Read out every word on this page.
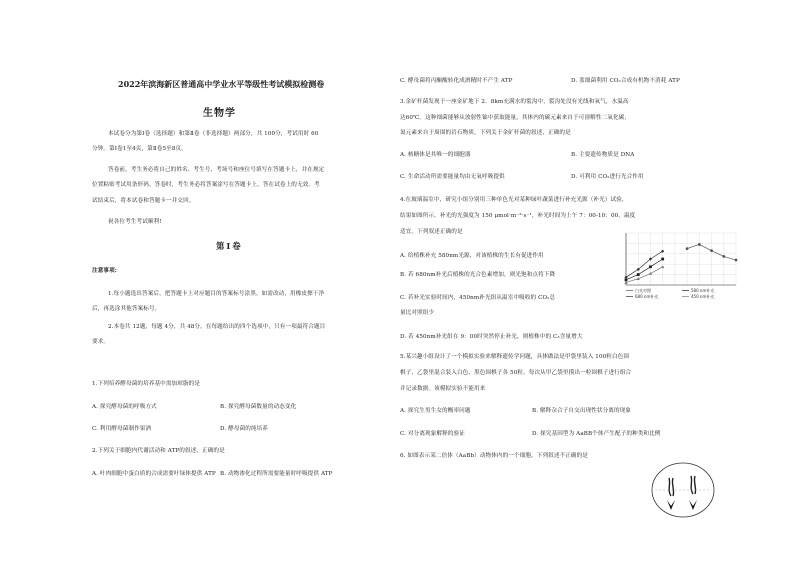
2022年滨海新区普通高中学业水平等级性考试模拟检测卷
生物学
本试卷分为第Ⅰ卷（选择题）和第Ⅱ卷（非选择题）两部分，共 100分，考试用时 60
分钟。第Ⅰ卷1至4页，第Ⅱ卷5至8页。
答卷前，考生务必将自己的姓名、考生号、考场号和座位号填写在答题卡上，并在规定
位置粘贴考试用条形码。答卷时，考生务必将答案涂写在答题卡上，答在试卷上的无效。考
试结束后，将本试卷和答题卡一并交回。
祝各位考生考试顺利!
第Ⅰ卷
注意事项:
1.每小题选出答案后，把答题卡上对应题目的答案标号涂黑。如需改动，用橡皮擦干净
后，再选涂其他答案标号。
2.本卷共 12题，每题 4分，共 48分。在每题给出的四个选项中，只有一项最符合题目
要求。
1.下列培养酵母菌的培养基中需加琼脂的是
A. 探究酵母菌的呼吸方式	B. 探究酵母菌数量的动态变化
C. 利用酵母菌制作果酒	D. 酵母菌的纯培养
2.下列关于细胞内代谢活动和 ATP的叙述，正确的是
A. 叶肉细胞中蛋白质的合成需要叶绿体提供 ATP B. 动物渗化过程所需要能量时呼吸提供 ATP
C. 酵母菌将丙酮酸转化成酒精时不产生 ATP	D. 蓝细菌利用 CO₂合成有机物不消耗 ATP
3.金矿杆菌发现于一座金矿地下 2．8km充满水的裂沟中，裂沟处没有光线和氧气，水温高
达60℃。这种细菌能够从放射性铀中获取能量，其体内的碳元素来自于可溶解性二氧化碳，
氮元素来自于周围的岩石物质。下列关于金矿杆菌的叙述，正确的是
A. 核糖体是其唯一的细胞器	B. 主要遗传物质是 DNA
C. 生命活动所需要能量均由无氧呼吸提供	D. 可利用 CO₂进行光合作用
4.在玻璃温室中，研究小组分别用三种单色光对某种绿叶蔬菜进行补充光源（补光）试验，
结果如图所示。补光的光强度为 150 μmol·m⁻²·s⁻¹，补光时间为上午 7：00-10：00，温度
适宜。下列叙述正确的是
A. 给植株补充 580nm光源，对该植株的生长有促进作用
B. 若 680nm补光后植株的光合色素增加，则光饱和点将下降
C. 若补光实验时间内，450nm补光组从温室中吸收的 CO₂总
量比对照组少
D. 若 450nm补光组在 9：00时突然停止补光，则植株中的 C₃含量增大
白光对照	580 nm补光
680 nm补光	450 nm补光
5.某兴趣小组设计了一个模拟实验来解释遗传学问题，具体做法是甲袋里装入 100粒白色围
棋子，乙袋里混合装入白色、黑色围棋子各 50粒。每次从甲乙袋里摸出一粒围棋子进行组合
并记录数据。该模拟实验不能用来
A. 探究生男生女的概率问题	B. 解释杂合子自交出现性状分离的现象
C. 对分离现象解释的验证	D. 探究基因型为 AaBB个体产生配子的种类和比例
6. 如图表示某二倍体（AaBb）动物体内的一个细胞。下列叙述不正确的是
